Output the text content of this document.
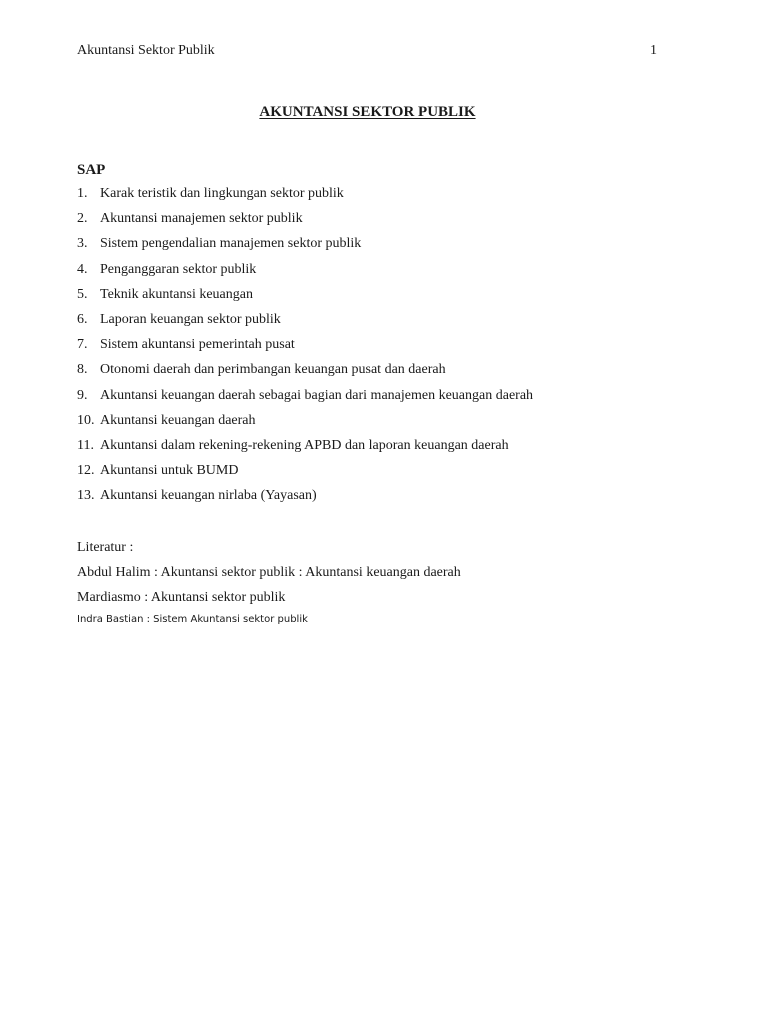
Akuntansi Sektor Publik	1
AKUNTANSI SEKTOR PUBLIK
SAP
1. Karak teristik dan lingkungan sektor publik
2. Akuntansi manajemen sektor publik
3. Sistem pengendalian manajemen sektor publik
4. Penganggaran sektor publik
5. Teknik akuntansi keuangan
6. Laporan keuangan sektor publik
7. Sistem akuntansi pemerintah pusat
8. Otonomi daerah dan perimbangan keuangan pusat dan daerah
9. Akuntansi keuangan daerah sebagai bagian dari manajemen keuangan daerah
10. Akuntansi keuangan daerah
11. Akuntansi dalam rekening-rekening APBD dan laporan keuangan daerah
12. Akuntansi untuk BUMD
13. Akuntansi keuangan nirlaba (Yayasan)
Literatur :
Abdul Halim : Akuntansi sektor publik : Akuntansi keuangan daerah
Mardiasmo : Akuntansi sektor publik
Indra Bastian : Sistem Akuntansi sektor publik
